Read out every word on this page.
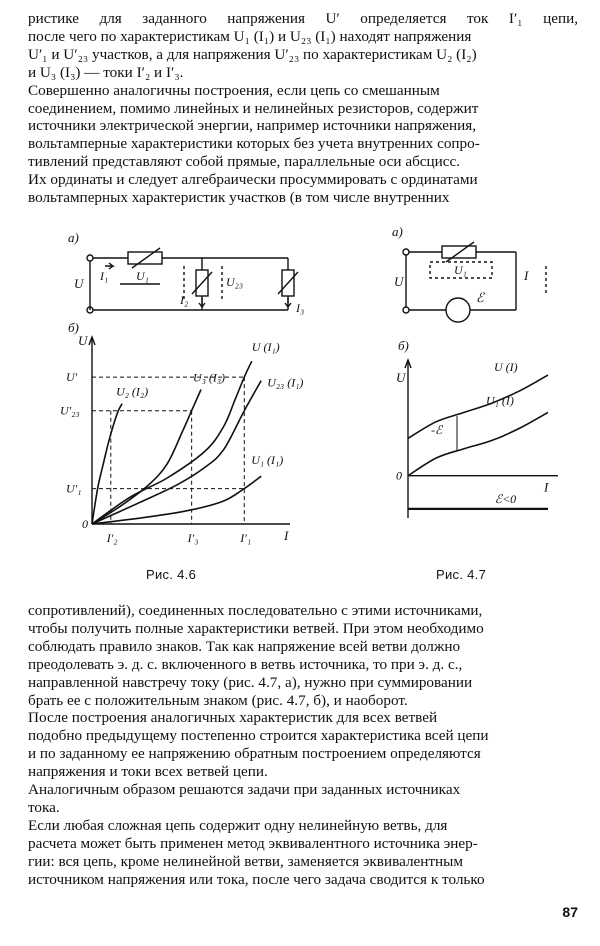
ристике для заданного напряжения U′ определяется ток I′₁ цепи,
после чего по характеристикам U₁ (I₁) и U₂₃ (I₁) находят напряжения
U′₁ и U′₂₃ участков, а для напряжения U′₂₃ по характеристикам U₂ (I₂)
и U₃ (I₃) — токи I′₂ и I′₃.
Совершенно аналогичны построения, если цепь со смешанным
соединением, помимо линейных и нелинейных резисторов, содержит
источники электрической энергии, например источники напряжения,
вольтамперные характеристики которых без учета внутренних сопро-
тивлений представляют собой прямые, параллельные оси абсцисс.
Их ординаты и следует алгебраически просуммировать с ординатами
вольтамперных характеристик участков (в том числе внутренних
а)
U I₁ U₁	U₂₃
I₂
I₃
б)
U
I
U′
U′₂₃
U′₁
0
I′₂	I′₃	I′₁
U₂ (I₂)
U₃ (I₃)
U (I₁)
U₂₃ (I₁)
U₁ (I₁)
Рис. 4.6
а)
U
U₁	I
ℰ
б)
U
0
I
U (I)
U₁ (I)
-ℰ
ℰ<0
Рис. 4.7
сопротивлений), соединенных последовательно с этими источниками,
чтобы получить полные характеристики ветвей. При этом необходимо
соблюдать правило знаков. Так как напряжение всей ветви должно
преодолевать э. д. с. включенного в ветвь источника, то при э. д. с.,
направленной навстречу току (рис. 4.7, а), нужно при суммировании
брать ее с положительным знаком (рис. 4.7, б), и наоборот.
После построения аналогичных характеристик для всех ветвей
подобно предыдущему постепенно строится характеристика всей цепи
и по заданному ее напряжению обратным построением определяются
напряжения и токи всех ветвей цепи.
Аналогичным образом решаются задачи при заданных источниках
тока.
Если любая сложная цепь содержит одну нелинейную ветвь, для
расчета может быть применен метод эквивалентного источника энер-
гии: вся цепь, кроме нелинейной ветви, заменяется эквивалентным
источником напряжения или тока, после чего задача сводится к только
87
